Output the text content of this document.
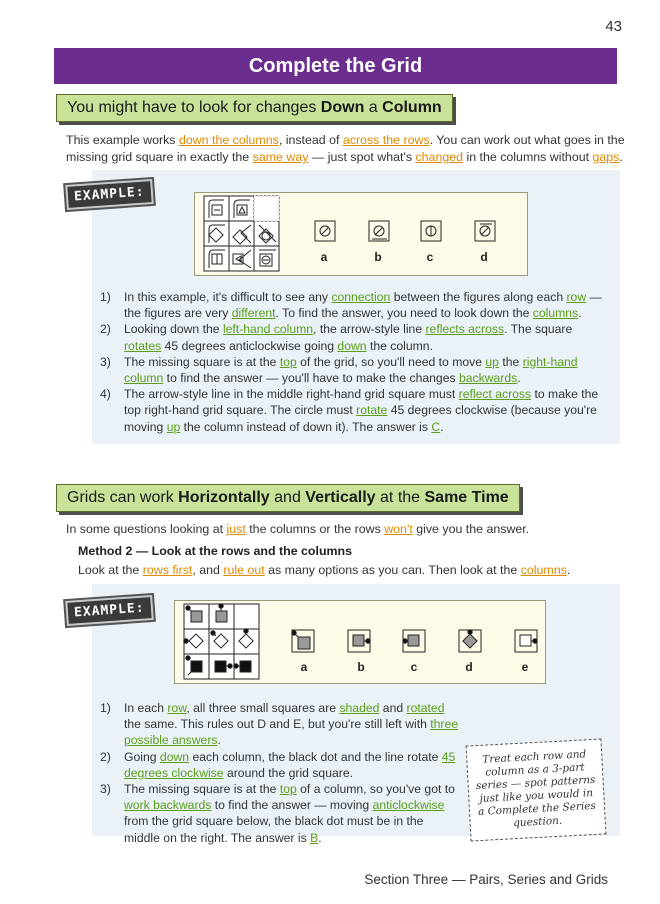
43
Complete the Grid
You might have to look for changes Down a Column
This example works down the columns, instead of across the rows. You can work out what goes in the missing grid square in exactly the same way — just spot what's changed in the columns without gaps.
EXAMPLE:
a	b	c	d
1) In this example, it's difficult to see any connection between the figures along each row — the figures are very different. To find the answer, you need to look down the columns.
2) Looking down the left-hand column, the arrow-style line reflects across. The square rotates 45 degrees anticlockwise going down the column.
3) The missing square is at the top of the grid, so you'll need to move up the right-hand column to find the answer — you'll have to make the changes backwards.
4) The arrow-style line in the middle right-hand grid square must reflect across to make the top right-hand grid square. The circle must rotate 45 degrees clockwise (because you're moving up the column instead of down it). The answer is C.
Grids can work Horizontally and Vertically at the Same Time
In some questions looking at just the columns or the rows won't give you the answer.
Method 2 — Look at the rows and the columns
Look at the rows first, and rule out as many options as you can. Then look at the columns.
EXAMPLE:
a	b	c	d	e
1) In each row, all three small squares are shaded and rotated the same. This rules out D and E, but you're still left with three possible answers.
2) Going down each column, the black dot and the line rotate 45 degrees clockwise around the grid square.
3) The missing square is at the top of a column, so you've got to work backwards to find the answer — moving anticlockwise from the grid square below, the black dot must be in the middle on the right. The answer is B.
Treat each row and column as a 3-part series — spot patterns just like you would in a Complete the Series question.
Section Three — Pairs, Series and Grids
